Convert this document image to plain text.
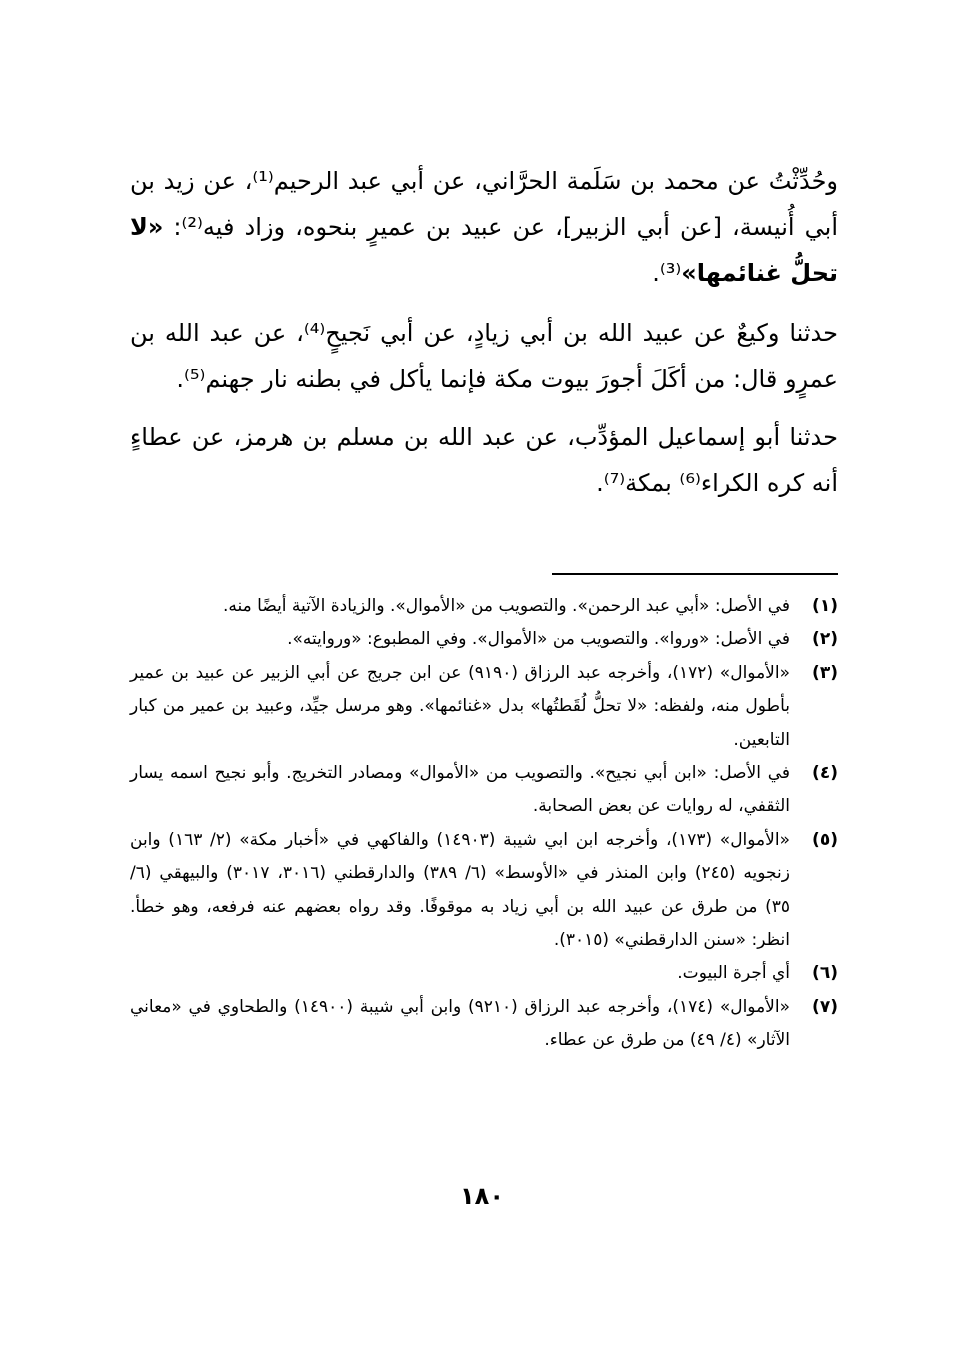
وحُدِّثْتُ عن محمد بن سَلَمة الحرَّاني، عن أبي عبد الرحيم⁽¹⁾، عن زيد بن أبي أُنيسة، [عن أبي الزبير]، عن عبيد بن عميرٍ بنحوه، وزاد فيه⁽²⁾: «لا تحلُّ غنائمها»⁽³⁾.

حدثنا وكيعٌ عن عبيد الله بن أبي زيادٍ، عن أبي نَجيحٍ⁽⁴⁾، عن عبد الله بن عمرٍو قال: من أكَلَ أجورَ بيوت مكة فإنما يأكل في بطنه نار جهنم⁽⁵⁾.

حدثنا أبو إسماعيل المؤدِّب، عن عبد الله بن مسلم بن هرمز، عن عطاءٍ أنه كره الكراء⁽⁶⁾ بمكة⁽⁷⁾.

(١)
في الأصل: «أبي عبد الرحمن». والتصويب من «الأموال». والزيادة الآتية أيضًا منه.
(٢)
في الأصل: «وروا». والتصويب من «الأموال». وفي المطبوع: «وروايته».
(٣)
«الأموال» (١٧٢)، وأخرجه عبد الرزاق (٩١٩٠) عن ابن جريج عن أبي الزبير عن عبيد بن عمير بأطول منه، ولفظه: «لا تحلُّ لُقَطتُها» بدل «غنائمها». وهو مرسل جيِّد، وعبيد بن عمير من كبار التابعين.
(٤)
في الأصل: «ابن أبي نجيح». والتصويب من «الأموال» ومصادر التخريج. وأبو نجيح اسمه يسار الثقفي، له روايات عن بعض الصحابة.
(٥)
«الأموال» (١٧٣)، وأخرجه ابن ابي شيبة (١٤٩٠٣) والفاكهي في «أخبار مكة» (٢/ ١٦٣) وابن زنجويه (٢٤٥) وابن المنذر في «الأوسط» (٦/ ٣٨٩) والدارقطني (٣٠١٦، ٣٠١٧) والبيهقي (٦/ ٣٥) من طرق عن عبيد الله بن أبي زياد به موقوفًا. وقد رواه بعضهم عنه فرفعه، وهو خطأ. انظر: «سنن الدارقطني» (٣٠١٥).
(٦)
أي أجرة البيوت.
(٧)
«الأموال» (١٧٤)، وأخرجه عبد الرزاق (٩٢١٠) وابن أبي شيبة (١٤٩٠٠) والطحاوي في «معاني الآثار» (٤/ ٤٩) من طرق عن عطاء.
١٨٠
